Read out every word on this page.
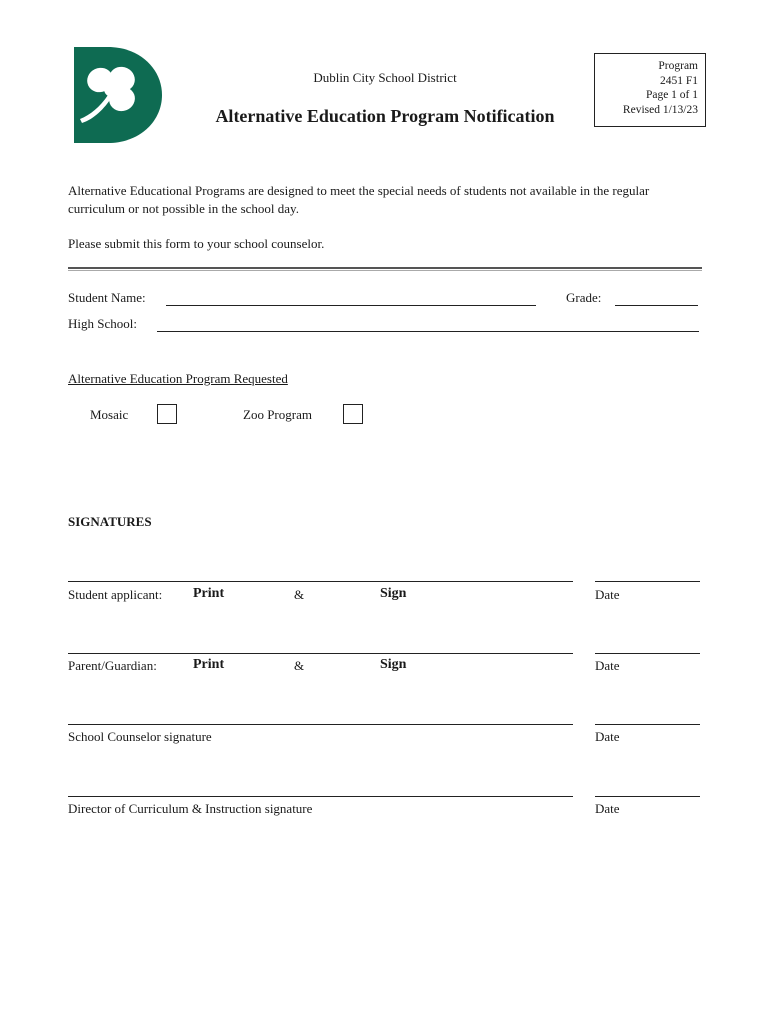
Dublin City School District
Alternative Education Program Notification
Program
2451 F1
Page 1 of 1
Revised 1/13/23
Alternative Educational Programs are designed to meet the special needs of students not available in the regular curriculum or not possible in the school day.
Please submit this form to your school counselor.
Student Name:	Grade:
High School:
Alternative Education Program Requested
Mosaic	Zoo Program
SIGNATURES
Student applicant: Print	&	Sign	Date
Parent/Guardian:	Print	&	Sign	Date
School Counselor signature	Date
Director of Curriculum & Instruction signature	Date
